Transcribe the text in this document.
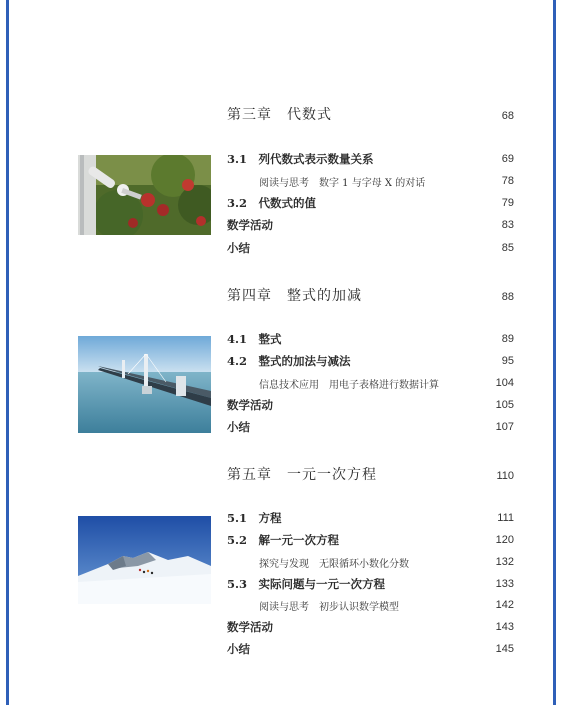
第三章　代数式	68
3.1　列代数式表示数量关系	69
阅读与思考　数字 1 与字母 X 的对话	78
3.2　代数式的值	79
数学活动	83
小结	85
第四章　整式的加减	88
4.1　整式	89
4.2　整式的加法与减法	95
信息技术应用　用电子表格进行数据计算	104
数学活动	105
小结	107
第五章　一元一次方程	110
5.1　方程	111
5.2　解一元一次方程	120
探究与发现　无限循环小数化分数	132
5.3　实际问题与一元一次方程	133
阅读与思考　初步认识数学模型	142
数学活动	143
小结	145
